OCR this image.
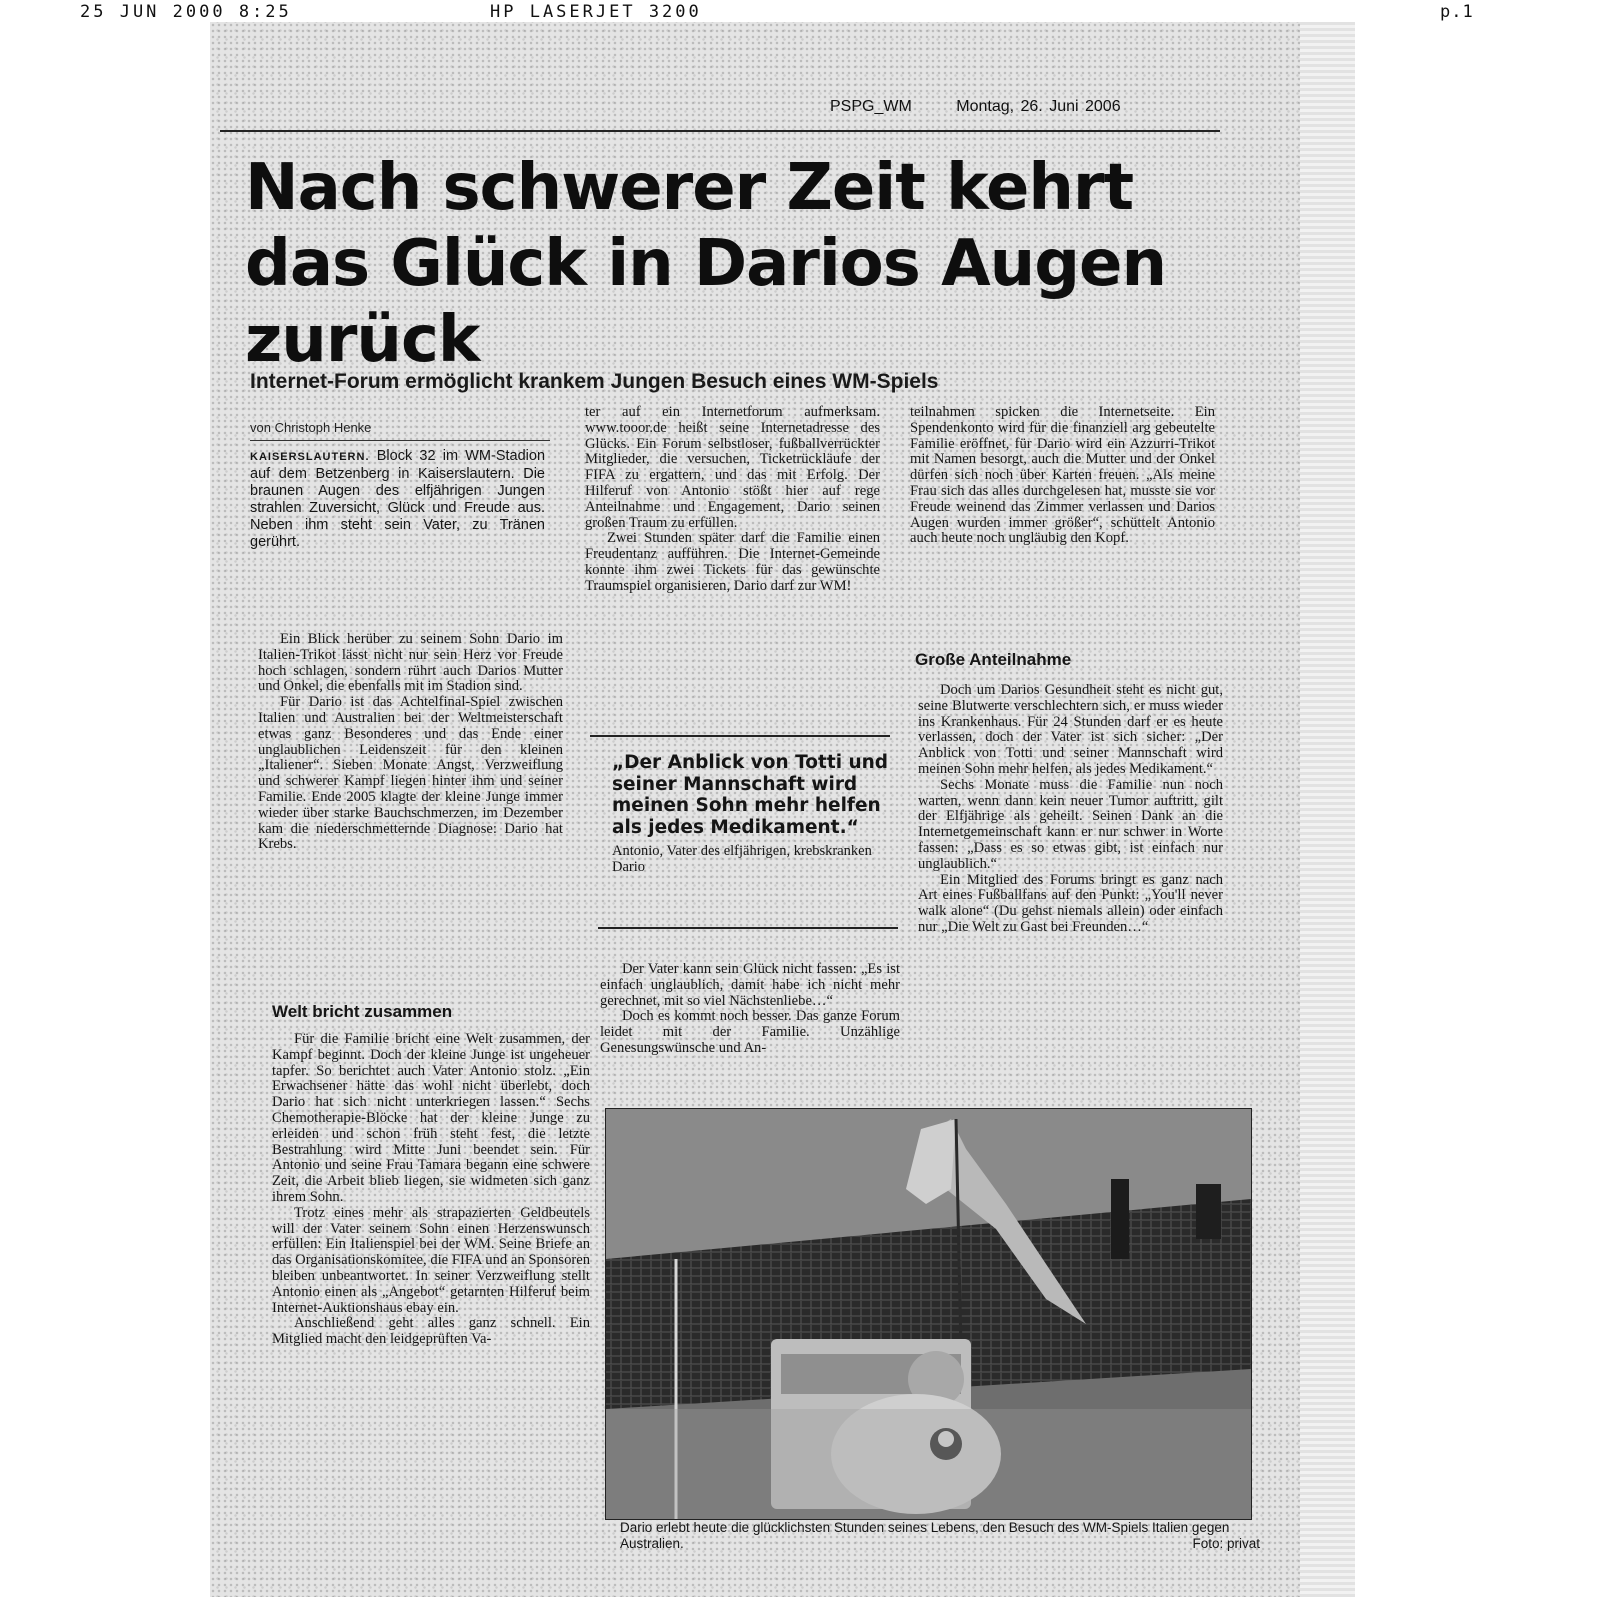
25 JUN 2000 8:25	HP LASERJET 3200	p.1
PSPG_WM	Montag, 26. Juni 2006
Nach schwerer Zeit kehrt das Glück in Darios Augen zurück
Internet-Forum ermöglicht krankem Jungen Besuch eines WM-Spiels
von Christoph Henke
KAISERSLAUTERN. Block 32 im WM-Stadion auf dem Betzenberg in Kaiserslautern. Die braunen Augen des elfjährigen Jungen strahlen Zuversicht, Glück und Freude aus. Neben ihm steht sein Vater, zu Tränen gerührt.

Ein Blick herüber zu seinem Sohn Dario im Italien-Trikot lässt nicht nur sein Herz vor Freude hoch schlagen, sondern rührt auch Darios Mutter und Onkel, die ebenfalls mit im Stadion sind.

Für Dario ist das Achtelfinal-Spiel zwischen Italien und Australien bei der Weltmeisterschaft etwas ganz Besonderes und das Ende einer unglaublichen Leidenszeit für den kleinen „Italiener“. Sieben Monate Angst, Verzweiflung und schwerer Kampf liegen hinter ihm und seiner Familie. Ende 2005 klagte der kleine Junge immer wieder über starke Bauchschmerzen, im Dezember kam die niederschmetternde Diagnose: Dario hat Krebs.

Welt bricht zusammen

Für die Familie bricht eine Welt zusammen, der Kampf beginnt. Doch der kleine Junge ist ungeheuer tapfer. So berichtet auch Vater Antonio stolz. „Ein Erwachsener hätte das wohl nicht überlebt, doch Dario hat sich nicht unterkriegen lassen.“ Sechs Chemotherapie-Blöcke hat der kleine Junge zu erleiden und schon früh steht fest, die letzte Bestrahlung wird Mitte Juni beendet sein. Für Antonio und seine Frau Tamara begann eine schwere Zeit, die Arbeit blieb liegen, sie widmeten sich ganz ihrem Sohn.

Trotz eines mehr als strapazierten Geldbeutels will der Vater seinem Sohn einen Herzenswunsch erfüllen: Ein Italienspiel bei der WM. Seine Briefe an das Organisationskomitee, die FIFA und an Sponsoren bleiben unbeantwortet. In seiner Verzweiflung stellt Antonio einen als „Angebot“ getarnten Hilferuf beim Internet-Auktionshaus ebay ein.

Anschließend geht alles ganz schnell. Ein Mitglied macht den leidgeprüften Va-

ter auf ein Internetforum aufmerksam. www.tooor.de heißt seine Internetadresse des Glücks. Ein Forum selbstloser, fußballverrückter Mitglieder, die versuchen, Ticketrückläufe der FIFA zu ergattern, und das mit Erfolg. Der Hilferuf von Antonio stößt hier auf rege Anteilnahme und Engagement, Dario seinen großen Traum zu erfüllen.

Zwei Stunden später darf die Familie einen Freudentanz aufführen. Die Internet-Gemeinde konnte ihm zwei Tickets für das gewünschte Traumspiel organisieren, Dario darf zur WM!

„Der Anblick von Totti und seiner Mannschaft wird meinen Sohn mehr helfen als jedes Medikament.“

Antonio, Vater des elfjährigen, krebskranken Dario

Der Vater kann sein Glück nicht fassen: „Es ist einfach unglaublich, damit habe ich nicht mehr gerechnet, mit so viel Nächstenliebe…“

Doch es kommt noch besser. Das ganze Forum leidet mit der Familie. Unzählige Genesungswünsche und An-

teilnahmen spicken die Internetseite. Ein Spendenkonto wird für die finanziell arg gebeutelte Familie eröffnet, für Dario wird ein Azzurri-Trikot mit Namen besorgt, auch die Mutter und der Onkel dürfen sich noch über Karten freuen. „Als meine Frau sich das alles durchgelesen hat, musste sie vor Freude weinend das Zimmer verlassen und Darios Augen wurden immer größer“, schüttelt Antonio auch heute noch ungläubig den Kopf.

Große Anteilnahme

Doch um Darios Gesundheit steht es nicht gut, seine Blutwerte verschlechtern sich, er muss wieder ins Krankenhaus. Für 24 Stunden darf er es heute verlassen, doch der Vater ist sich sicher: „Der Anblick von Totti und seiner Mannschaft wird meinen Sohn mehr helfen, als jedes Medikament.“

Sechs Monate muss die Familie nun noch warten, wenn dann kein neuer Tumor auftritt, gilt der Elfjährige als geheilt. Seinen Dank an die Internetgemeinschaft kann er nur schwer in Worte fassen: „Dass es so etwas gibt, ist einfach nur unglaublich.“

Ein Mitglied des Forums bringt es ganz nach Art eines Fußballfans auf den Punkt: „You'll never walk alone“ (Du gehst niemals allein) oder einfach nur „Die Welt zu Gast bei Freunden…“

Dario erlebt heute die glücklichsten Stunden seines Lebens, den Besuch des WM-Spiels Italien gegen Australien.	Foto: privat
